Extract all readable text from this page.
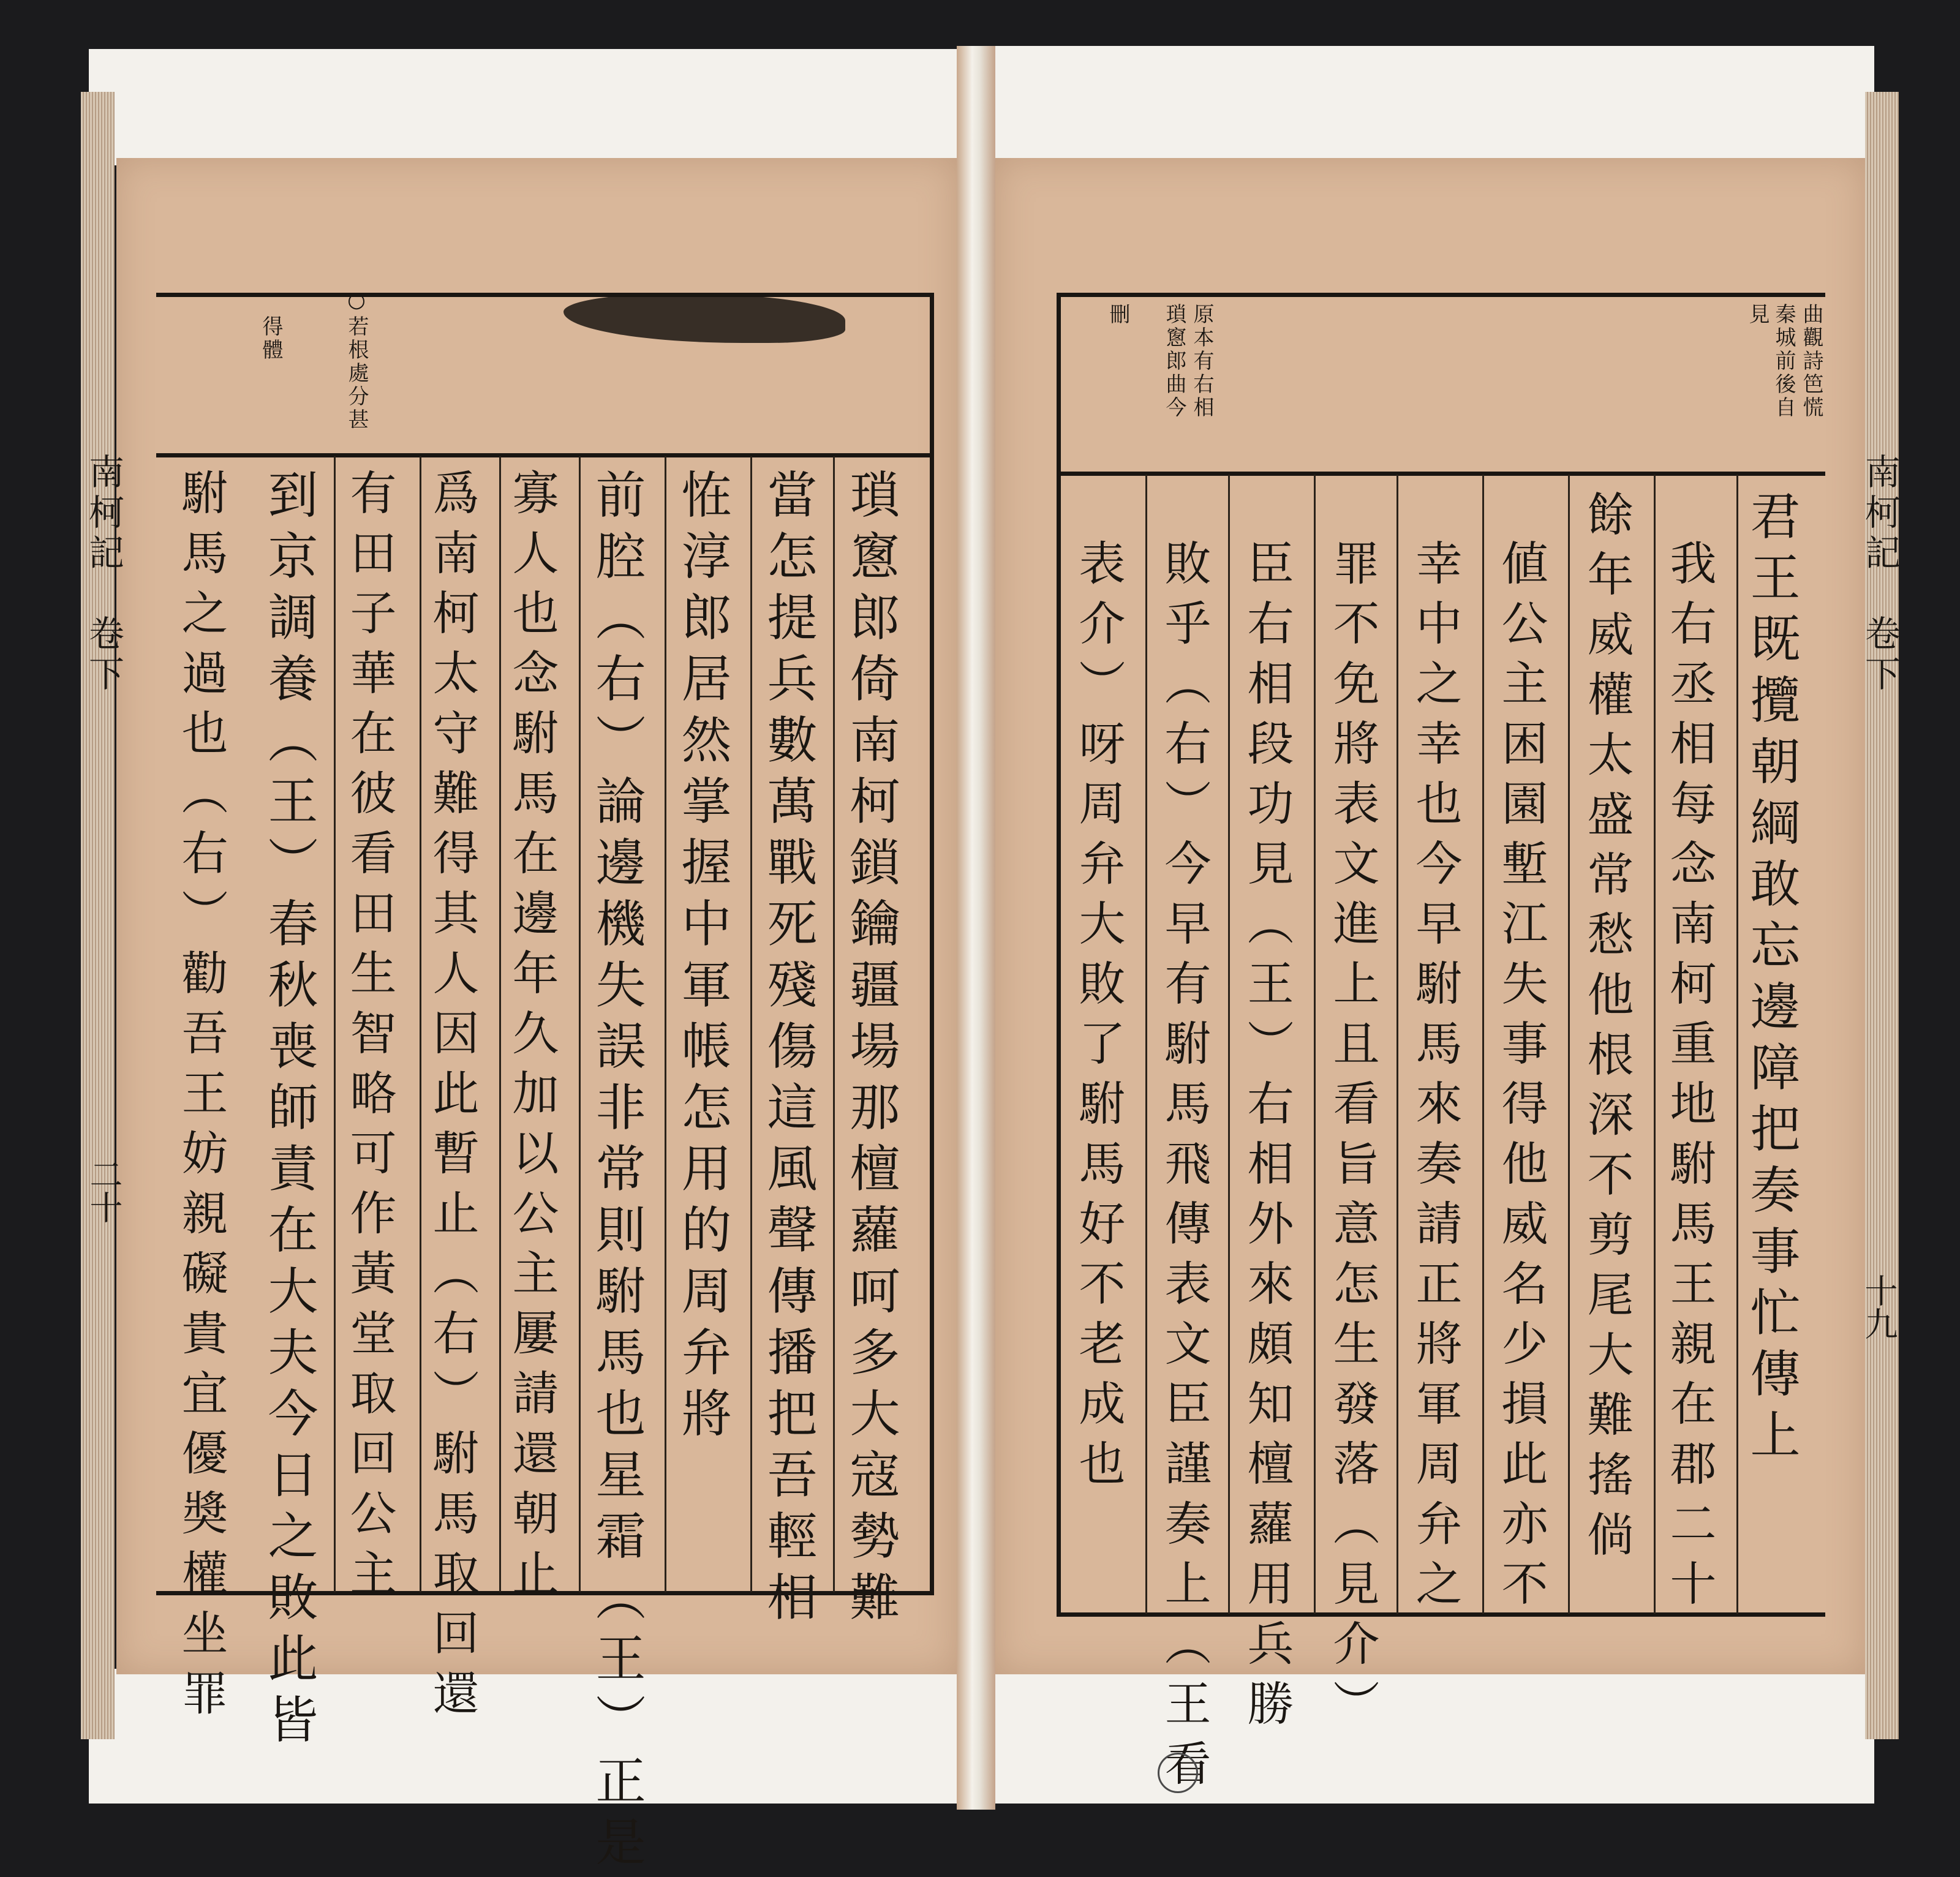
南柯記　卷下
二十
○
若根處分甚
得體
瑣窻郎倚南柯鎖鑰疆場那檀蘿呵多大寇勢難
當怎提兵數萬戰死殘傷這風聲傳播把吾輕相
恠淳郎居然掌握中軍帳怎用的周弁將
前腔（右）論邊機失誤非常則駙馬也星霜（王）正是
寡人也念駙馬在邊年久加以公主屢請還朝止
爲南柯太守難得其人因此暫止（右）駙馬取回還
有田子華在彼看田生智略可作黃堂取回公主
到京調養（王）春秋喪師責在大夫今日之敗此皆
駙馬之過也（右）勸吾王妨親礙貴宜優奬權坐罪	南柯記　卷下
十九
原本有右相
瑣窻郎曲今
刪	曲觀詩笆慌
秦城前後自
見
君王既攬朝綱敢忘邊障把奏事忙傳上
我右丞相每念南柯重地駙馬王親在郡二十
餘年威權太盛常愁他根深不剪尾大難搖倘
値公主困園塹江失事得他威名少損此亦不
幸中之幸也今早駙馬來奏請正將軍周弁之
罪不免將表文進上且看旨意怎生發落（見介）
臣右相段功見（王）右相外來頗知檀蘿用兵勝
敗乎（右）今早有駙馬飛傳表文臣謹奏上（王看
表介）呀周弁大敗了駙馬好不老成也
